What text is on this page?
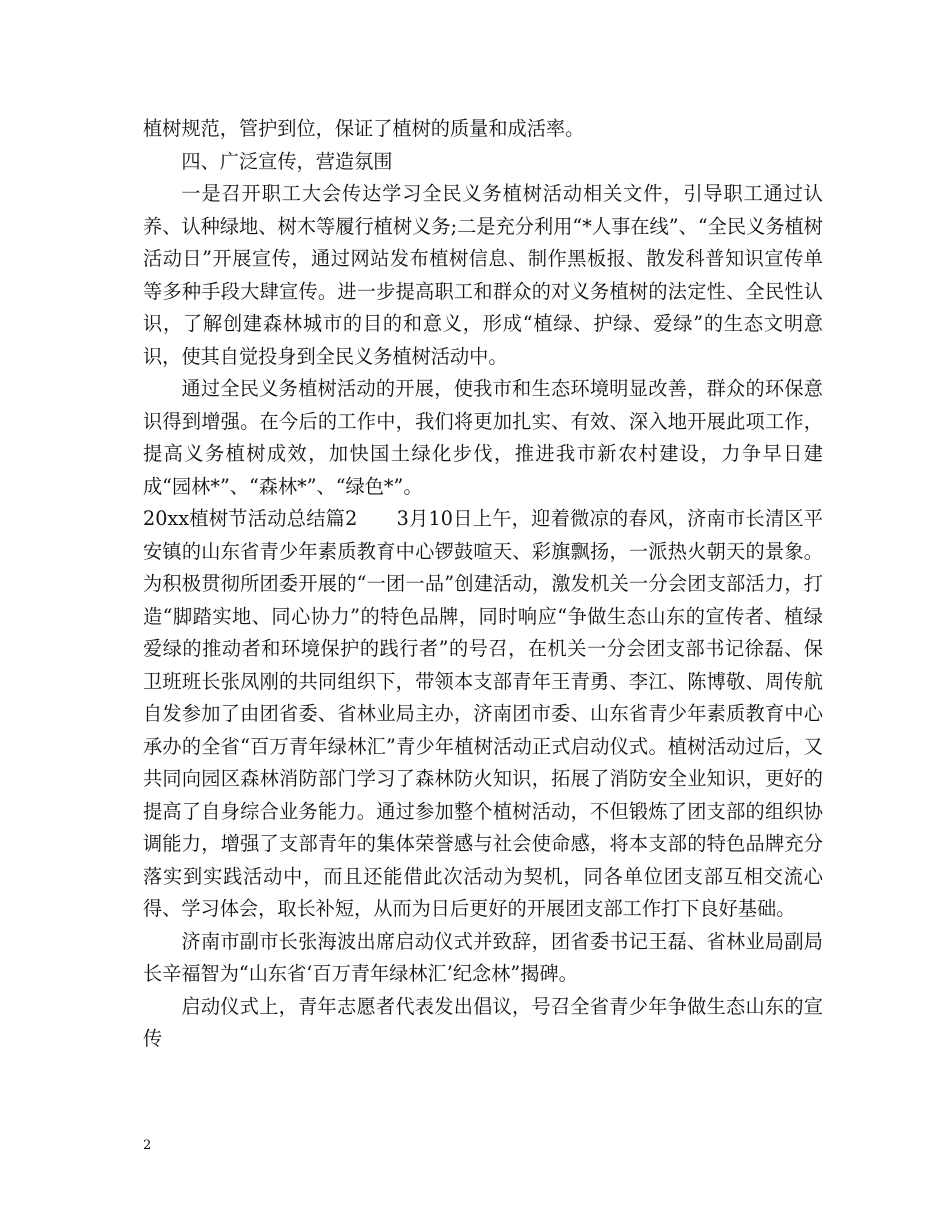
植树规范，管护到位，保证了植树的质量和成活率。

四、广泛宣传，营造氛围

一是召开职工大会传达学习全民义务植树活动相关文件，引导职工通过认养、认种绿地、树木等履行植树义务;二是充分利用“*人事在线”、“全民义务植树活动日”开展宣传，通过网站发布植树信息、制作黑板报、散发科普知识宣传单等多种手段大肆宣传。进一步提高职工和群众的对义务植树的法定性、全民性认识，了解创建森林城市的目的和意义，形成“植绿、护绿、爱绿”的生态文明意识，使其自觉投身到全民义务植树活动中。

通过全民义务植树活动的开展，使我市和生态环境明显改善，群众的环保意识得到增强。在今后的工作中，我们将更加扎实、有效、深入地开展此项工作，提高义务植树成效，加快国土绿化步伐，推进我市新农村建设，力争早日建成“园林*”、“森林*”、“绿色*”。

20xx植树节活动总结篇2　　3月10日上午，迎着微凉的春风，济南市长清区平安镇的山东省青少年素质教育中心锣鼓喧天、彩旗飘扬，一派热火朝天的景象。为积极贯彻所团委开展的“一团一品”创建活动，激发机关一分会团支部活力，打造“脚踏实地、同心协力”的特色品牌，同时响应“争做生态山东的宣传者、植绿爱绿的推动者和环境保护的践行者”的号召，在机关一分会团支部书记徐磊、保卫班班长张凤刚的共同组织下，带领本支部青年王青勇、李江、陈博敬、周传航自发参加了由团省委、省林业局主办，济南团市委、山东省青少年素质教育中心承办的全省“百万青年绿林汇”青少年植树活动正式启动仪式。植树活动过后，又共同向园区森林消防部门学习了森林防火知识，拓展了消防安全业知识，更好的提高了自身综合业务能力。通过参加整个植树活动，不但锻炼了团支部的组织协调能力，增强了支部青年的集体荣誉感与社会使命感，将本支部的特色品牌充分落实到实践活动中，而且还能借此次活动为契机，同各单位团支部互相交流心得、学习体会，取长补短，从而为日后更好的开展团支部工作打下良好基础。

济南市副市长张海波出席启动仪式并致辞，团省委书记王磊、省林业局副局长辛福智为“山东省‘百万青年绿林汇’纪念林”揭碑。

启动仪式上，青年志愿者代表发出倡议，号召全省青少年争做生态山东的宣传

2
